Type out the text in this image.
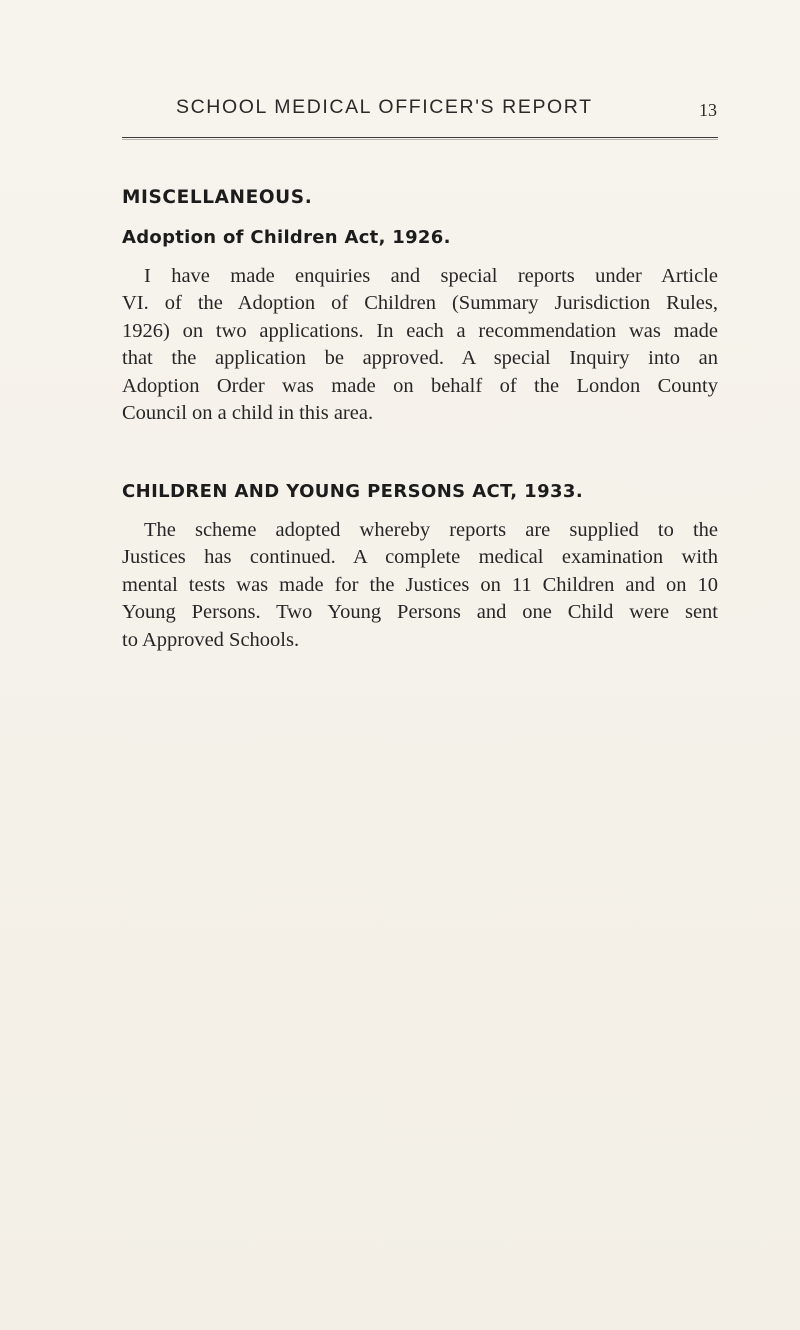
SCHOOL MEDICAL OFFICER'S REPORT	13
MISCELLANEOUS.
Adoption of Children Act, 1926.
I have made enquiries and special reports under Article
VI. of the Adoption of Children (Summary Jurisdiction Rules,
1926) on two applications. In each a recommendation was made
that the application be approved. A special Inquiry into an
Adoption Order was made on behalf of the London County
Council on a child in this area.
CHILDREN AND YOUNG PERSONS ACT, 1933.
The scheme adopted whereby reports are supplied to the
Justices has continued. A complete medical examination with
mental tests was made for the Justices on 11 Children and on 10
Young Persons. Two Young Persons and one Child were sent
to Approved Schools.
